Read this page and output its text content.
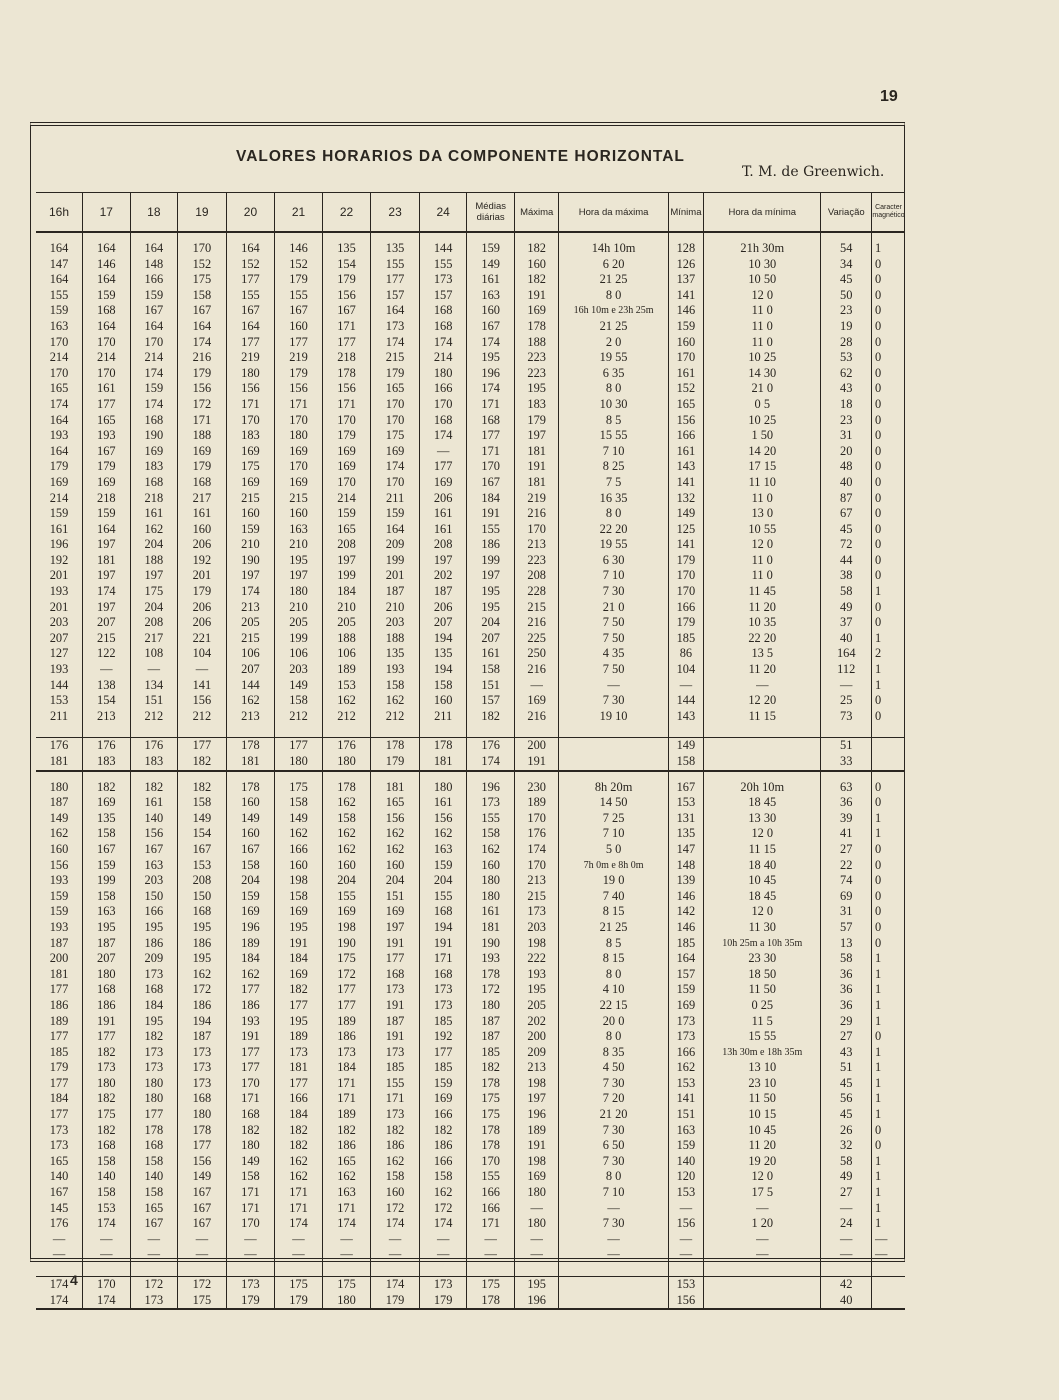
19
VALORES HORARIOS DA COMPONENTE HORIZONTAL
T. M. de Greenwich.
16h	17	18	19	20	21	22	23	24	Médias diárias	Máxima	Hora da máxima	Mínima	Hora da mínima	Variação	Caracter magnético

164	164	164	170	164	146	135	135	144	159	182	14h 10m	128	21h 30m	54	1
147	146	148	152	152	152	154	155	155	149	160	6 20	126	10 30	34	0
164	164	166	175	177	179	179	177	173	161	182	21 25	137	10 50	45	0
155	159	159	158	155	155	156	157	157	163	191	8 0	141	12 0	50	0
159	168	167	167	167	167	167	164	168	160	169	16h 10m e 23h 25m	146	11 0	23	0
163	164	164	164	164	160	171	173	168	167	178	21 25	159	11 0	19	0
170	170	170	174	177	177	177	174	174	174	188	2 0	160	11 0	28	0
214	214	214	216	219	219	218	215	214	195	223	19 55	170	10 25	53	0
170	170	174	179	180	179	178	179	180	196	223	6 35	161	14 30	62	0
165	161	159	156	156	156	156	165	166	174	195	8 0	152	21 0	43	0
174	177	174	172	171	171	171	170	170	171	183	10 30	165	0 5	18	0
164	165	168	171	170	170	170	170	168	168	179	8 5	156	10 25	23	0
193	193	190	188	183	180	179	175	174	177	197	15 55	166	1 50	31	0
164	167	169	169	169	169	169	169	—	171	181	7 10	161	14 20	20	0
179	179	183	179	175	170	169	174	177	170	191	8 25	143	17 15	48	0
169	169	168	168	169	169	170	170	169	167	181	7 5	141	11 10	40	0
214	218	218	217	215	215	214	211	206	184	219	16 35	132	11 0	87	0
159	159	161	161	160	160	159	159	161	191	216	8 0	149	13 0	67	0
161	164	162	160	159	163	165	164	161	155	170	22 20	125	10 55	45	0
196	197	204	206	210	210	208	209	208	186	213	19 55	141	12 0	72	0
192	181	188	192	190	195	197	199	197	199	223	6 30	179	11 0	44	0
201	197	197	201	197	197	199	201	202	197	208	7 10	170	11 0	38	0
193	174	175	179	174	180	184	187	187	195	228	7 30	170	11 45	58	1
201	197	204	206	213	210	210	210	206	195	215	21 0	166	11 20	49	0
203	207	208	206	205	205	205	203	207	204	216	7 50	179	10 35	37	0
207	215	217	221	215	199	188	188	194	207	225	7 50	185	22 20	40	1
127	122	108	104	106	106	106	135	135	161	250	4 35	86	13 5	164	2
193	—	—	—	207	203	189	193	194	158	216	7 50	104	11 20	112	1
144	138	134	141	144	149	153	158	158	151	—	—	—	—	—	1
153	154	151	156	162	158	162	162	160	157	169	7 30	144	12 20	25	0
211	213	212	212	213	212	212	212	211	182	216	19 10	143	11 15	73	0

176	176	176	177	178	177	176	178	178	176	200		149		51	
181	183	183	182	181	180	180	179	181	174	191		158		33	

180	182	182	182	178	175	178	181	180	196	230	8h 20m	167	20h 10m	63	0
187	169	161	158	160	158	162	165	161	173	189	14 50	153	18 45	36	0
149	135	140	149	149	149	158	156	156	155	170	7 25	131	13 30	39	1
162	158	156	154	160	162	162	162	162	158	176	7 10	135	12 0	41	1
160	167	167	167	167	166	162	162	163	162	174	5 0	147	11 15	27	0
156	159	163	153	158	160	160	160	159	160	170	7h 0m e 8h 0m	148	18 40	22	0
193	199	203	208	204	198	204	204	204	180	213	19 0	139	10 45	74	0
159	158	150	150	159	158	155	151	155	180	215	7 40	146	18 45	69	0
159	163	166	168	169	169	169	169	168	161	173	8 15	142	12 0	31	0
193	195	195	195	196	195	198	197	194	181	203	21 25	146	11 30	57	0
187	187	186	186	189	191	190	191	191	190	198	8 5	185	10h 25m a 10h 35m	13	0
200	207	209	195	184	184	175	177	171	193	222	8 15	164	23 30	58	1
181	180	173	162	162	169	172	168	168	178	193	8 0	157	18 50	36	1
177	168	168	172	177	182	177	173	173	172	195	4 10	159	11 50	36	1
186	186	184	186	186	177	177	191	173	180	205	22 15	169	0 25	36	1
189	191	195	194	193	195	189	187	185	187	202	20 0	173	11 5	29	1
177	177	182	187	191	189	186	191	192	187	200	8 0	173	15 55	27	0
185	182	173	173	177	173	173	173	177	185	209	8 35	166	13h 30m e 18h 35m	43	1
179	173	173	173	177	181	184	185	185	182	213	4 50	162	13 10	51	1
177	180	180	173	170	177	171	155	159	178	198	7 30	153	23 10	45	1
184	182	180	168	171	166	171	171	169	175	197	7 20	141	11 50	56	1
177	175	177	180	168	184	189	173	166	175	196	21 20	151	10 15	45	1
173	182	178	178	182	182	182	182	182	178	189	7 30	163	10 45	26	0
173	168	168	177	180	182	186	186	186	178	191	6 50	159	11 20	32	0
165	158	158	156	149	162	165	162	166	170	198	7 30	140	19 20	58	1
140	140	140	149	158	162	162	158	158	155	169	8 0	120	12 0	49	1
167	158	158	167	171	171	163	160	162	166	180	7 10	153	17 5	27	1
145	153	165	167	171	171	171	172	172	166	—	—	—	—	—	1
176	174	167	167	170	174	174	174	174	171	180	7 30	156	1 20	24	1
—	—	—	—	—	—	—	—	—	—	—	—	—	—	—	—
—	—	—	—	—	—	—	—	—	—	—	—	—	—	—	—

174	170	172	172	173	175	175	174	173	175	195		153		42	
174	174	173	175	179	179	180	179	179	178	196		156		40	
4
